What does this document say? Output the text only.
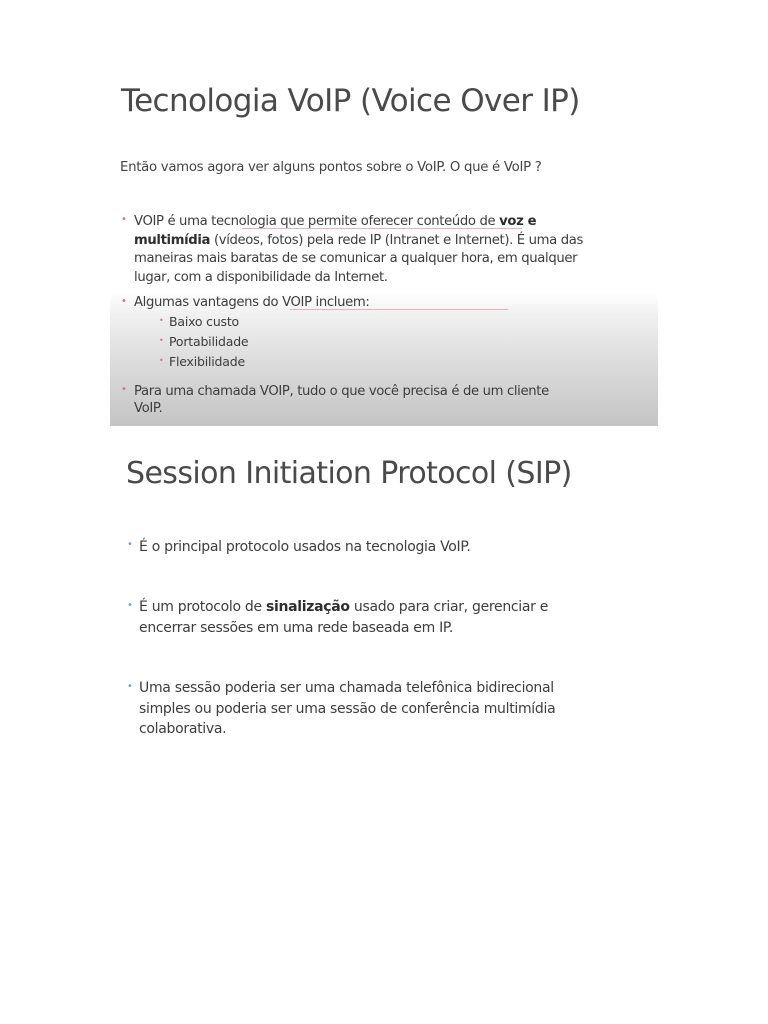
Tecnologia VoIP (Voice Over IP)
Então vamos agora ver alguns pontos sobre o VoIP. O que é VoIP ?
• VOIP é uma tecnologia que permite oferecer conteúdo de voz e
multimídia (vídeos, fotos) pela rede IP (Intranet e Internet). É uma das
maneiras mais baratas de se comunicar a qualquer hora, em qualquer
lugar, com a disponibilidade da Internet.
• Algumas vantagens do VOIP incluem:
• Baixo custo
• Portabilidade
• Flexibilidade
• Para uma chamada VOIP, tudo o que você precisa é de um cliente
VoIP.
Session Initiation Protocol (SIP)
• É o principal protocolo usados na tecnologia VoIP.
• É um protocolo de sinalização usado para criar, gerenciar e
encerrar sessões em uma rede baseada em IP.
• Uma sessão poderia ser uma chamada telefônica bidirecional
simples ou poderia ser uma sessão de conferência multimídia
colaborativa.
